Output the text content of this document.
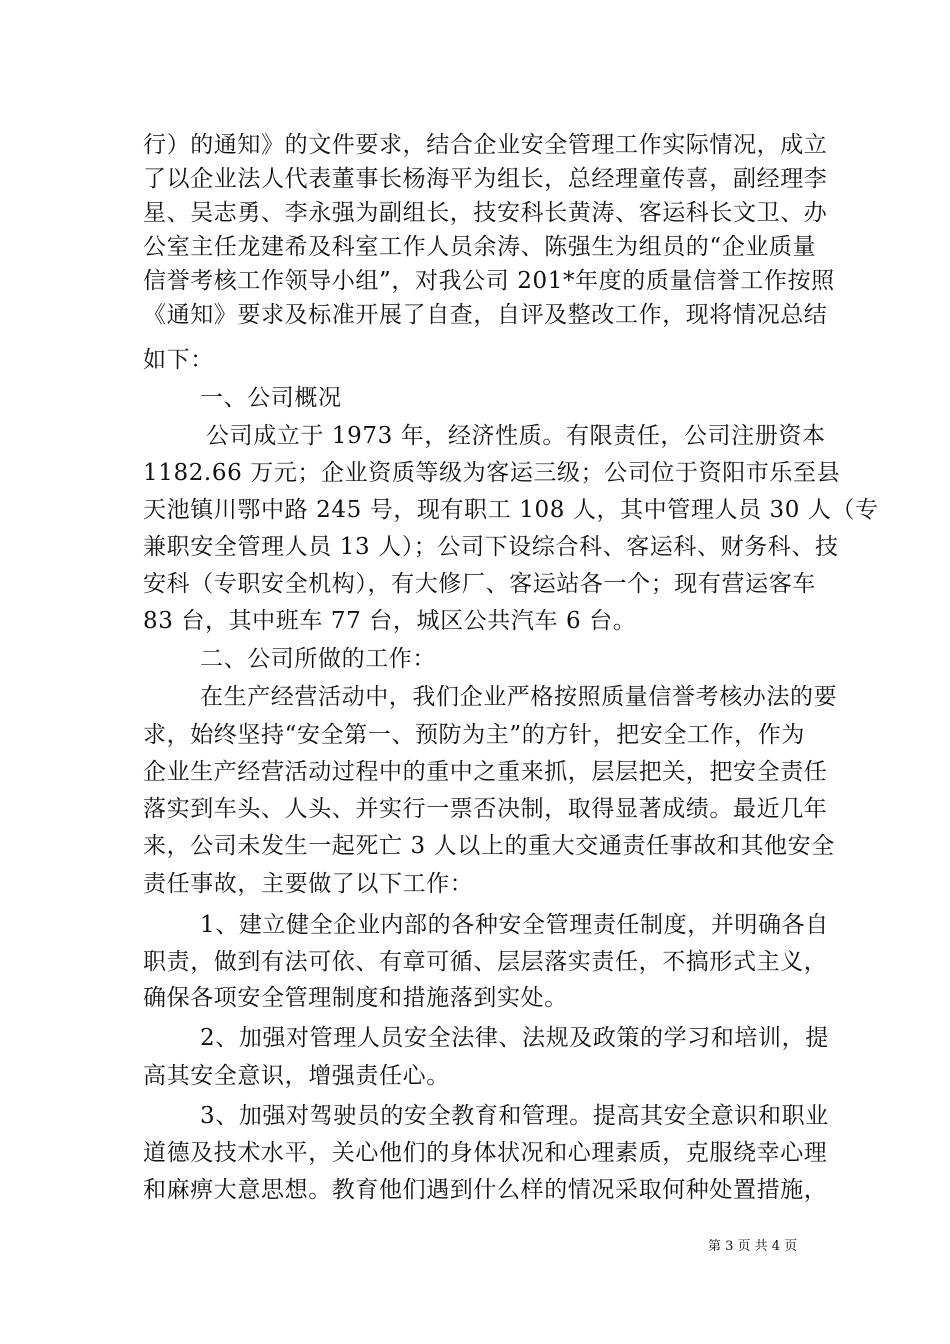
行）的通知》的文件要求，结合企业安全管理工作实际情况，成立
了以企业法人代表董事长杨海平为组长，总经理童传喜，副经理李
星、吴志勇、李永强为副组长，技安科长黄涛、客运科长文卫、办
公室主任龙建希及科室工作人员余涛、陈强生为组员的“企业质量
信誉考核工作领导小组”，对我公司 201*年度的质量信誉工作按照
《通知》要求及标准开展了自查，自评及整改工作，现将情况总结
如下：
一、公司概况
公司成立于 1973 年，经济性质。有限责任，公司注册资本
1182.66 万元；企业资质等级为客运三级；公司位于资阳市乐至县
天池镇川鄂中路 245 号，现有职工 108 人，其中管理人员 30 人（专
兼职安全管理人员 13 人）；公司下设综合科、客运科、财务科、技
安科（专职安全机构），有大修厂、客运站各一个；现有营运客车
83 台，其中班车 77 台，城区公共汽车 6 台。
二、公司所做的工作：
在生产经营活动中，我们企业严格按照质量信誉考核办法的要
求，始终坚持“安全第一、预防为主”的方针，把安全工作，作为
企业生产经营活动过程中的重中之重来抓，层层把关，把安全责任
落实到车头、人头、并实行一票否决制，取得显著成绩。最近几年
来，公司未发生一起死亡 3 人以上的重大交通责任事故和其他安全
责任事故，主要做了以下工作：
1、建立健全企业内部的各种安全管理责任制度，并明确各自
职责，做到有法可依、有章可循、层层落实责任，不搞形式主义，
确保各项安全管理制度和措施落到实处。
2、加强对管理人员安全法律、法规及政策的学习和培训，提
高其安全意识，增强责任心。
3、加强对驾驶员的安全教育和管理。提高其安全意识和职业
道德及技术水平，关心他们的身体状况和心理素质，克服绕幸心理
和麻痹大意思想。教育他们遇到什么样的情况采取何种处置措施，
第 3 页 共 4 页
